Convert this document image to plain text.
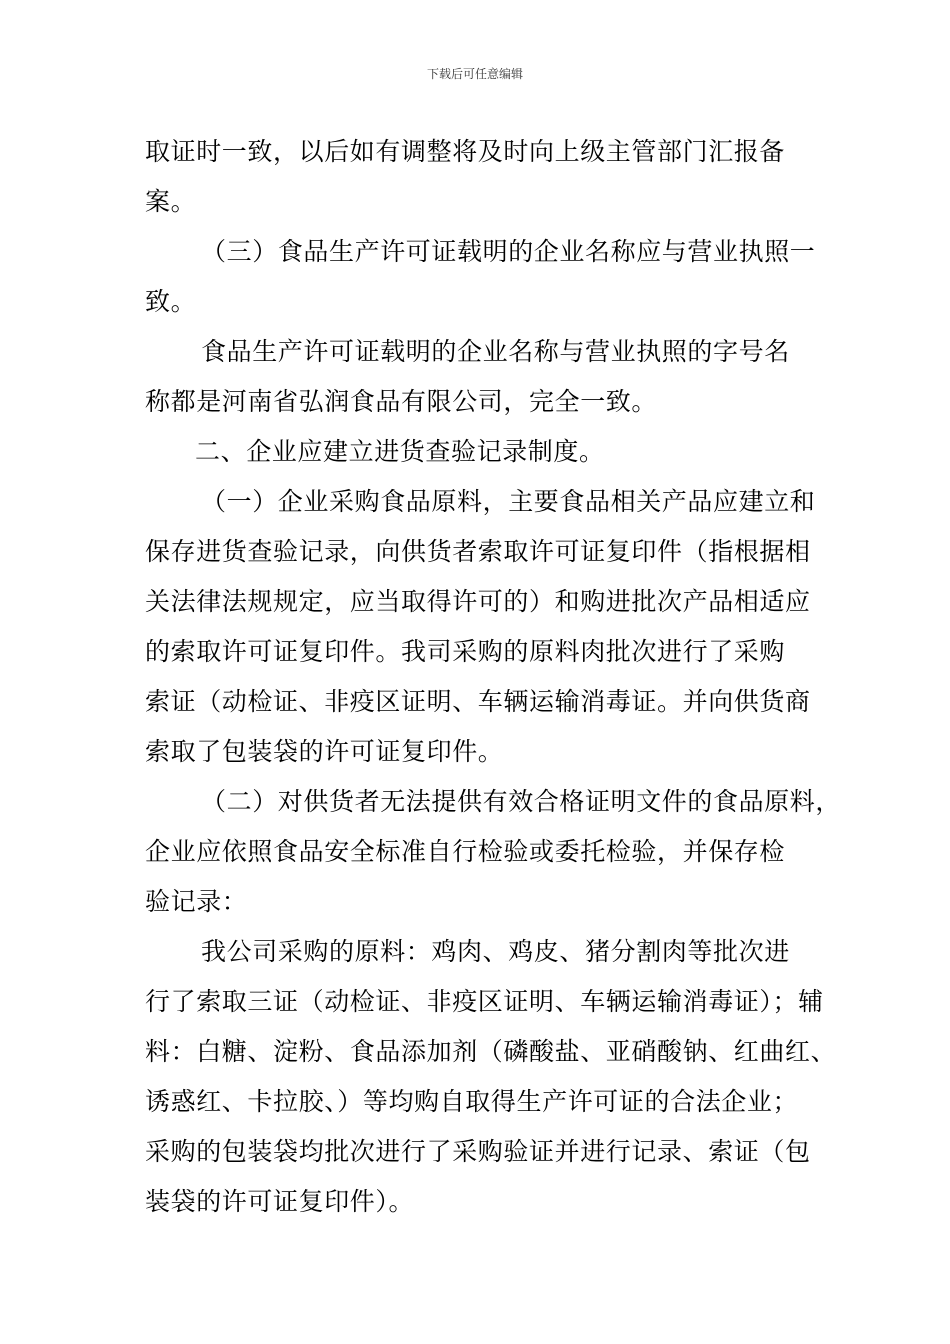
下载后可任意编辑
取证时一致，以后如有调整将及时向上级主管部门汇报备
案。
（三）食品生产许可证载明的企业名称应与营业执照一
致。
食品生产许可证载明的企业名称与营业执照的字号名
称都是河南省弘润食品有限公司，完全一致。
二、企业应建立进货查验记录制度。
（一）企业采购食品原料，主要食品相关产品应建立和
保存进货查验记录，向供货者索取许可证复印件（指根据相
关法律法规规定，应当取得许可的）和购进批次产品相适应
的索取许可证复印件。我司采购的原料肉批次进行了采购
索证（动检证、非疫区证明、车辆运输消毒证。并向供货商
索取了包装袋的许可证复印件。
（二）对供货者无法提供有效合格证明文件的食品原料，
企业应依照食品安全标准自行检验或委托检验，并保存检
验记录：
我公司采购的原料：鸡肉、鸡皮、猪分割肉等批次进
行了索取三证（动检证、非疫区证明、车辆运输消毒证）；辅
料：白糖、淀粉、食品添加剂（磷酸盐、亚硝酸钠、红曲红、
诱惑红、卡拉胶、）等均购自取得生产许可证的合法企业；
采购的包装袋均批次进行了采购验证并进行记录、索证（包
装袋的许可证复印件）。
